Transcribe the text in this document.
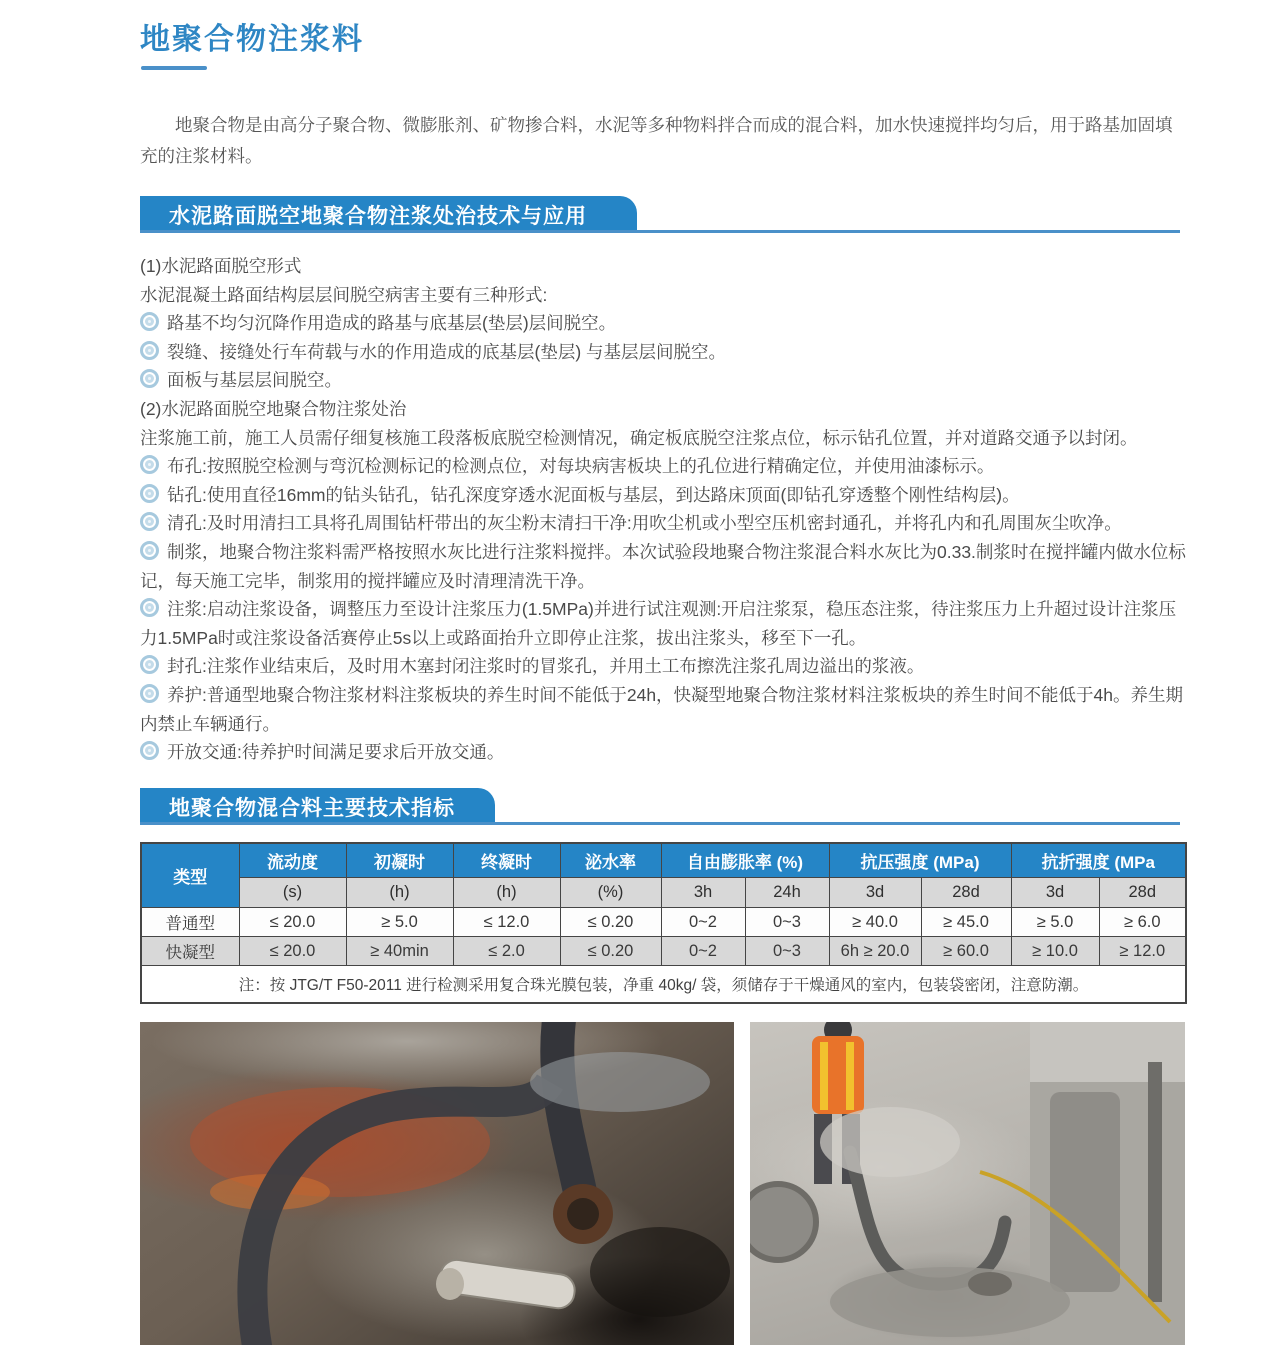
地聚合物注浆料
地聚合物是由高分子聚合物、微膨胀剂、矿物掺合料，水泥等多种物料拌合而成的混合料，加水快速搅拌均匀后，用于路基加固填充的注浆材料。
水泥路面脱空地聚合物注浆处治技术与应用

(1)水泥路面脱空形式

水泥混凝土路面结构层层间脱空病害主要有三种形式:

路基不均匀沉降作用造成的路基与底基层(垫层)层间脱空。

裂缝、接缝处行车荷载与水的作用造成的底基层(垫层) 与基层层间脱空。

面板与基层层间脱空。

(2)水泥路面脱空地聚合物注浆处治

注浆施工前，施工人员需仔细复核施工段落板底脱空检测情况，确定板底脱空注浆点位，标示钻孔位置，并对道路交通予以封闭。

布孔:按照脱空检测与弯沉检测标记的检测点位，对每块病害板块上的孔位进行精确定位，并使用油漆标示。

钻孔:使用直径16mm的钻头钻孔，钻孔深度穿透水泥面板与基层，到达路床顶面(即钻孔穿透整个刚性结构层)。

清孔:及时用清扫工具将孔周围钻杆带出的灰尘粉末清扫干净:用吹尘机或小型空压机密封通孔，并将孔内和孔周围灰尘吹净。

制浆，地聚合物注浆料需严格按照水灰比进行注浆料搅拌。本次试验段地聚合物注浆混合料水灰比为0.33.制浆时在搅拌罐内做水位标记，每天施工完毕，制浆用的搅拌罐应及时清理清洗干净。

注浆:启动注浆设备，调整压力至设计注浆压力(1.5MPa)并进行试注观测:开启注浆泵，稳压态注浆，待注浆压力上升超过设计注浆压力1.5MPa时或注浆设备活赛停止5s以上或路面抬升立即停止注浆，拔出注浆头，移至下一孔。

封孔:注浆作业结束后，及时用木塞封闭注浆时的冒浆孔，并用土工布擦洗注浆孔周边溢出的浆液。

养护:普通型地聚合物注浆材料注浆板块的养生时间不能低于24h，快凝型地聚合物注浆材料注浆板块的养生时间不能低于4h。养生期内禁止车辆通行。

开放交通:待养护时间满足要求后开放交通。

地聚合物混合料主要技术指标
类型	流动度	初凝时	终凝时	泌水率	自由膨胀率 (%)		抗压强度 (MPa)		抗折强度 (MPa	
	(s)	(h)	(h)	(%)	3h	24h	3d	28d	3d	28d
普通型	≤ 20.0	≥ 5.0	≤ 12.0	≤ 0.20	0~2	0~3	≥ 40.0	≥ 45.0	≥ 5.0	≥ 6.0
快凝型	≤ 20.0	≥ 40min	≤ 2.0	≤ 0.20	0~2	0~3	6h ≥ 20.0	≥ 60.0	≥ 10.0	≥ 12.0
注：按 JTG/T F50-2011 进行检测采用复合珠光膜包装，净重 40kg/ 袋，须储存于干燥通风的室内，包装袋密闭，注意防潮。										
